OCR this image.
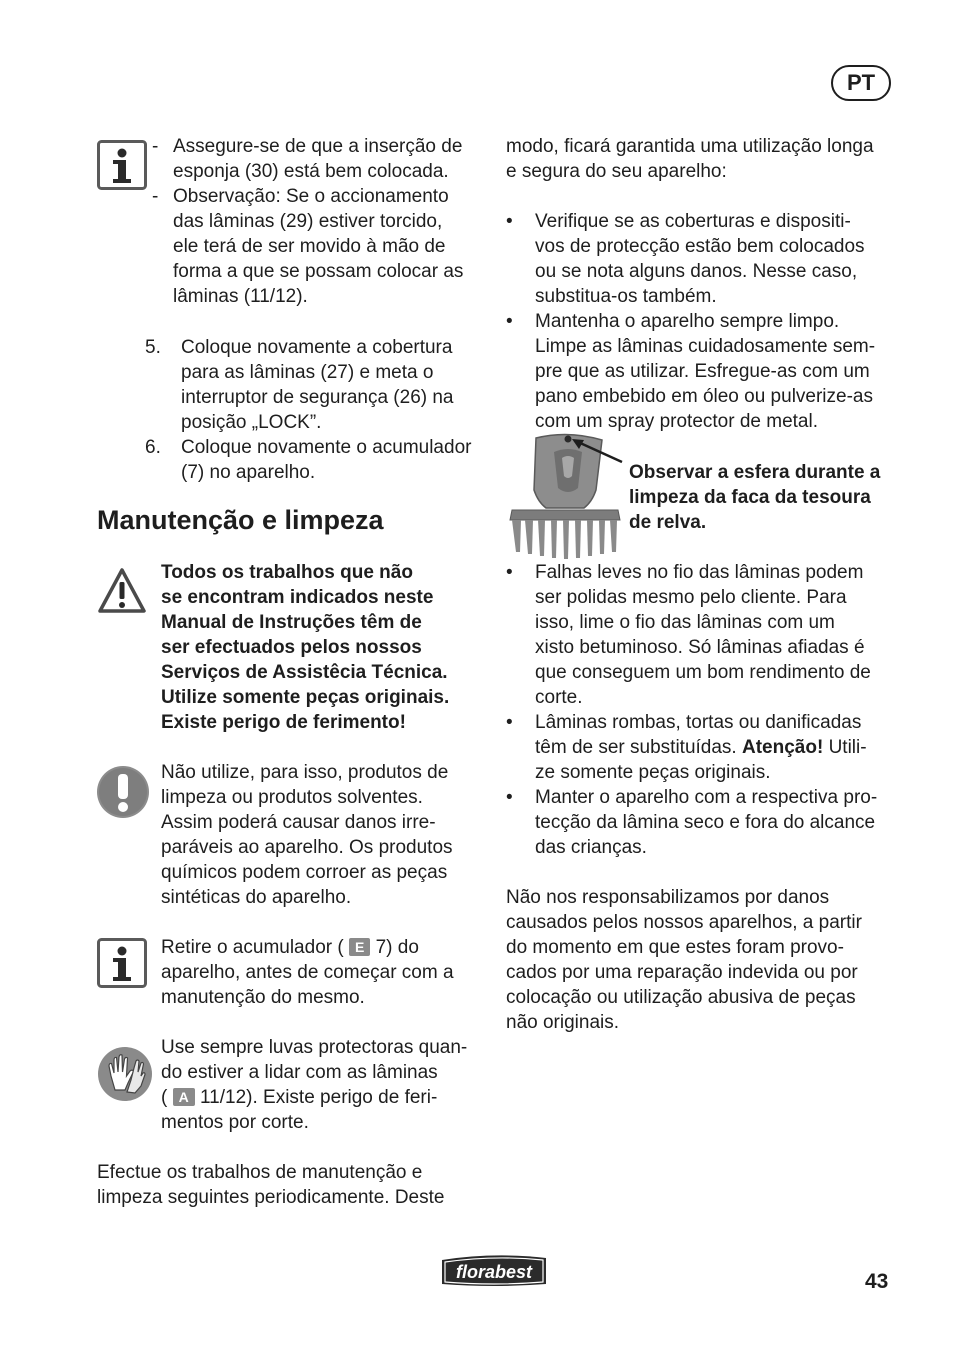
PT
- Assegure-se de que a inserção de
esponja (30) está bem colocada.
- Observação: Se o accionamento
das lâminas (29) estiver torcido,
ele terá de ser movido à mão de
forma a que se possam colocar as
lâminas (11/12).
5.	Coloque novamente a cobertura
para as lâminas (27) e meta o
interruptor de segurança (26) na
posição „LOCK”.
6.	Coloque novamente o acumulador
(7) no aparelho.
Manutenção e limpeza
Todos os trabalhos que não
se encontram indicados neste
Manual de Instruções têm de
ser efectuados pelos nossos
Serviços de Assistêcia Técnica.
Utilize somente peças originais.
Existe perigo de ferimento!
Não utilize, para isso, produtos de
limpeza ou produtos solventes.
Assim poderá causar danos irre-
paráveis ao aparelho. Os produtos
químicos podem corroer as peças
sintéticas do aparelho.
Retire o acumulador ( E 7) do
aparelho, antes de começar com a
manutenção do mesmo.
Use sempre luvas protectoras quan-
do estiver a lidar com as lâminas
( A 11/12). Existe perigo de feri-
mentos por corte.
Efectue os trabalhos de manutenção e
limpeza seguintes periodicamente. Deste
modo, ficará garantida uma utilização longa
e segura do seu aparelho:
•	Verifique se as coberturas e dispositi-
vos de protecção estão bem colocados
ou se nota alguns danos. Nesse caso,
substitua-os também.
•	Mantenha o aparelho sempre limpo.
Limpe as lâminas cuidadosamente sem-
pre que as utilizar. Esfregue-as com um
pano embebido em óleo ou pulverize-as
com um spray protector de metal.
Observar a esfera durante a
limpeza da faca da tesoura
de relva.
•	Falhas leves no fio das lâminas podem
ser polidas mesmo pelo cliente. Para
isso, lime o fio das lâminas com um
xisto betuminoso. Só lâminas afiadas é
que conseguem um bom rendimento de
corte.
•	Lâminas rombas, tortas ou danificadas
têm de ser substituídas. Atenção! Utili-
ze somente peças originais.
•	Manter o aparelho com a respectiva pro-
tecção da lâmina seco e fora do alcance
das crianças.
Não nos responsabilizamos por danos
causados pelos nossos aparelhos, a partir
do momento em que estes foram provo-
cados por uma reparação indevida ou por
colocação ou utilização abusiva de peças
não originais.
florabest	43
